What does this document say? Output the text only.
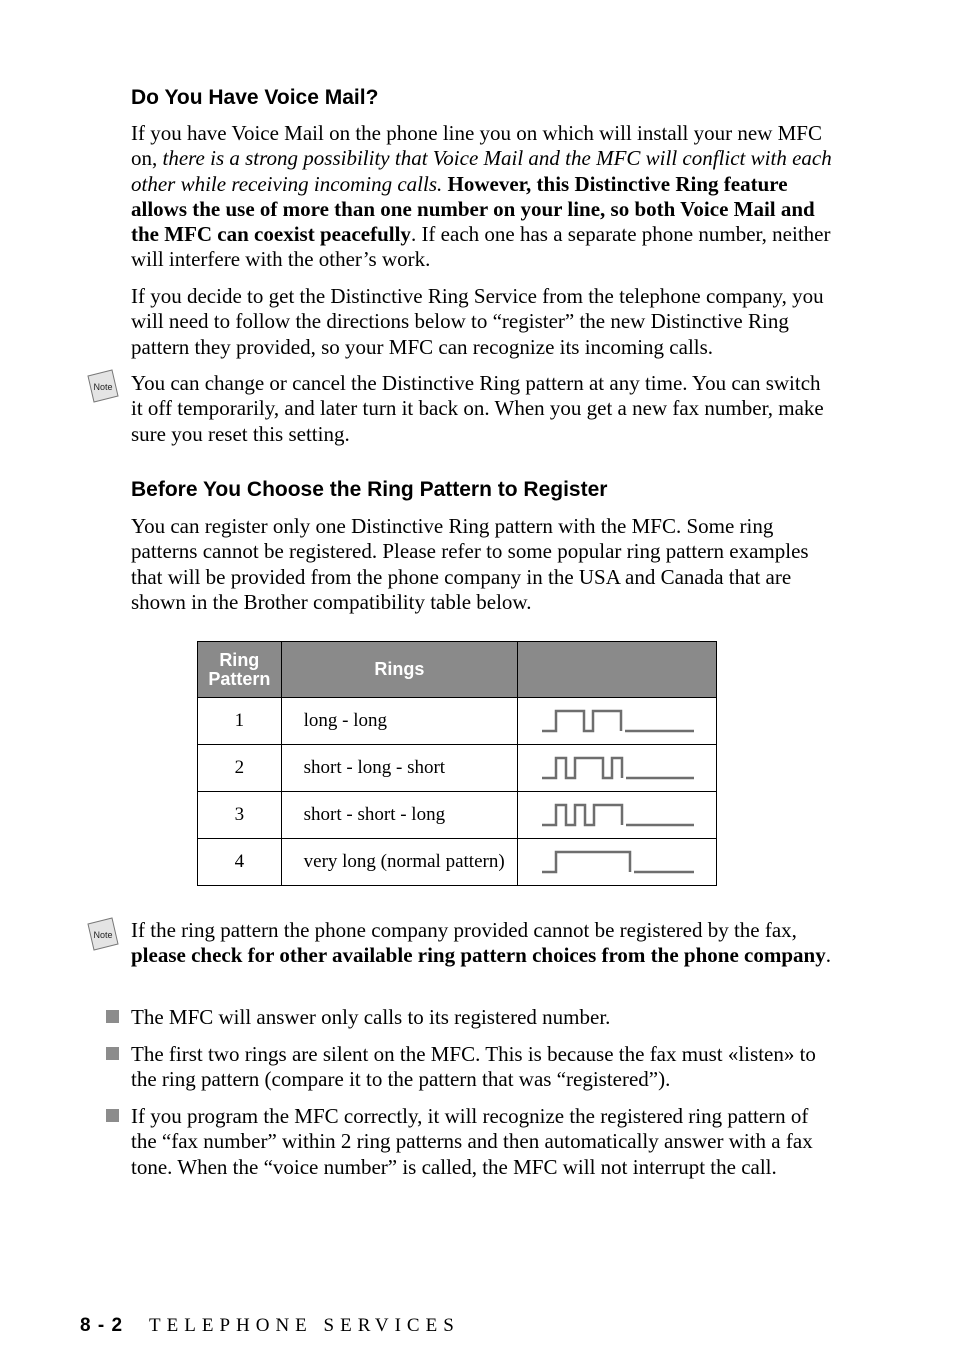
Do You Have Voice Mail?

If you have Voice Mail on the phone line you on which will install your new MFC on, there is a strong possibility that Voice Mail and the MFC will conflict with each other while receiving incoming calls. However, this Distinctive Ring feature allows the use of more than one number on your line, so both Voice Mail and the MFC can coexist peacefully. If each one has a separate phone number, neither will interfere with the other’s work.

If you decide to get the Distinctive Ring Service from the telephone company, you will need to follow the directions below to “register” the new Distinctive Ring pattern they provided, so your MFC can recognize its incoming calls.

Note You can change or cancel the Distinctive Ring pattern at any time. You can switch it off temporarily, and later turn it back on. When you get a new fax number, make sure you reset this setting.

Before You Choose the Ring Pattern to Register

You can register only one Distinctive Ring pattern with the MFC. Some ring patterns cannot be registered. Please refer to some popular ring pattern examples that will be provided from the phone company in the USA and Canada that are shown in the Brother compatibility table below.

Ring
Pattern	Rings	
1	long - long	

2	short - long - short	

3	short - short - long	

4	very long (normal pattern)	
Note If the ring pattern the phone company provided cannot be registered by the fax, please check for other available ring pattern choices from the phone company.

The MFC will answer only calls to its registered number.

The first two rings are silent on the MFC. This is because the fax must «listen» to the ring pattern (compare it to the pattern that was “registered”).

If you program the MFC correctly, it will recognize the registered ring pattern of the “fax number” within 2 ring patterns and then automatically answer with a fax tone. When the “voice number” is called, the MFC will not interrupt the call.

8 - 2 TELEPHONE SERVICES
